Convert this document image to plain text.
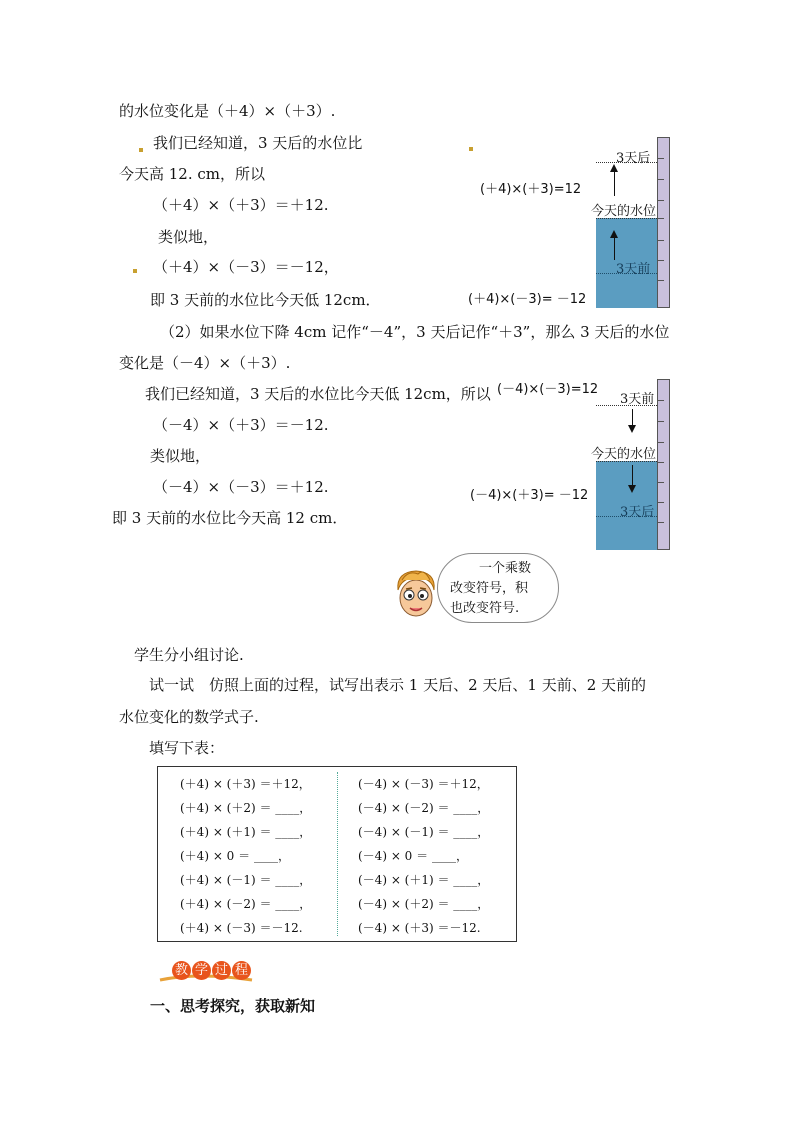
的水位变化是（＋4）×（＋3）.
我们已经知道，3 天后的水位比
今天高 12. cm，所以
（＋4）×（＋3）＝＋12.
类似地，
（＋4）×（－3）＝－12，
即 3 天前的水位比今天低 12cm．
3天后
今天的水位
3天前
(＋4)×(＋3)=12
(＋4)×(－3)= －12
（2）如果水位下降 4cm 记作“－4”，3 天后记作“＋3”，那么 3 天后的水位
变化是（－4）×（＋3）.
我们已经知道，3 天后的水位比今天低 12cm，所以
（－4）×（＋3）＝－12.
类似地，
（－4）×（－3）＝＋12.
即 3 天前的水位比今天高 12 cm．
3天前
今天的水位
3天后
(－4)×(－3)=12
(－4)×(＋3)= －12
一个乘数
改变符号，积
也改变符号.
学生分小组讨论.
试一试　仿照上面的过程，试写出表示 1 天后、2 天后、1 天前、2 天前的
水位变化的数学式子.
填写下表：
(＋4) × (＋3) ＝＋12，
(＋4) × (＋2) ＝ ____，
(＋4) × (＋1) ＝ ____，
(＋4) × 0 ＝ ____，
(＋4) × (－1) ＝ ____，
(＋4) × (－2) ＝ ____，
(＋4) × (－3) ＝－12.
(－4) × (－3) ＝＋12，
(－4) × (－2) ＝ ____，
(－4) × (－1) ＝ ____，
(－4) × 0 ＝ ____，
(－4) × (＋1) ＝ ____，
(－4) × (＋2) ＝ ____，
(－4) × (＋3) ＝－12.
教 学 过 程
一、思考探究，获取新知
